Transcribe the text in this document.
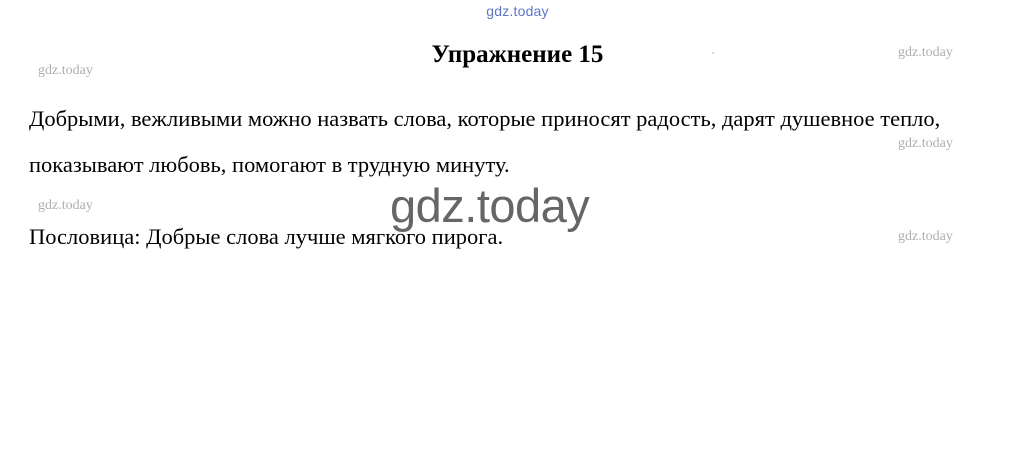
gdz.today
Упражнение 15
gdz.today
gdz.today
gdz.today
gdz.today
gdz.today
Добрыми, вежливыми можно назвать слова, которые приносят радость, дарят душевное тепло, показывают любовь, помогают в трудную минуту.
Пословица: Добрые слова лучше мягкого пирога.
gdz.today
